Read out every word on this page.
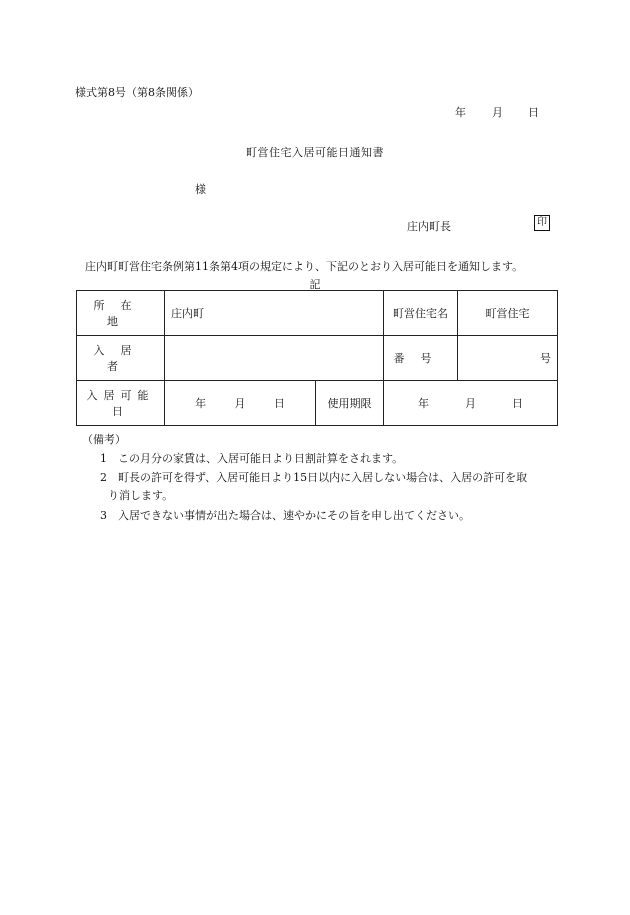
様式第8号（第8条関係）
年 月 日
町営住宅入居可能日通知書
様
庄内町長	印
庄内町町営住宅条例第11条第4項の規定により、下記のとおり入居可能日を通知します。
記
所在地	庄内町		町営住宅名	町営住宅
入居者			番号	号
入居可能日	年 月 日	使用期限	年 月 日	
（備考）
1 この月分の家賃は、入居可能日より日割計算をされます。
2 町長の許可を得ず、入居可能日より15日以内に入居しない場合は、入居の許可を取
り消します。
3 入居できない事情が出た場合は、速やかにその旨を申し出てください。
